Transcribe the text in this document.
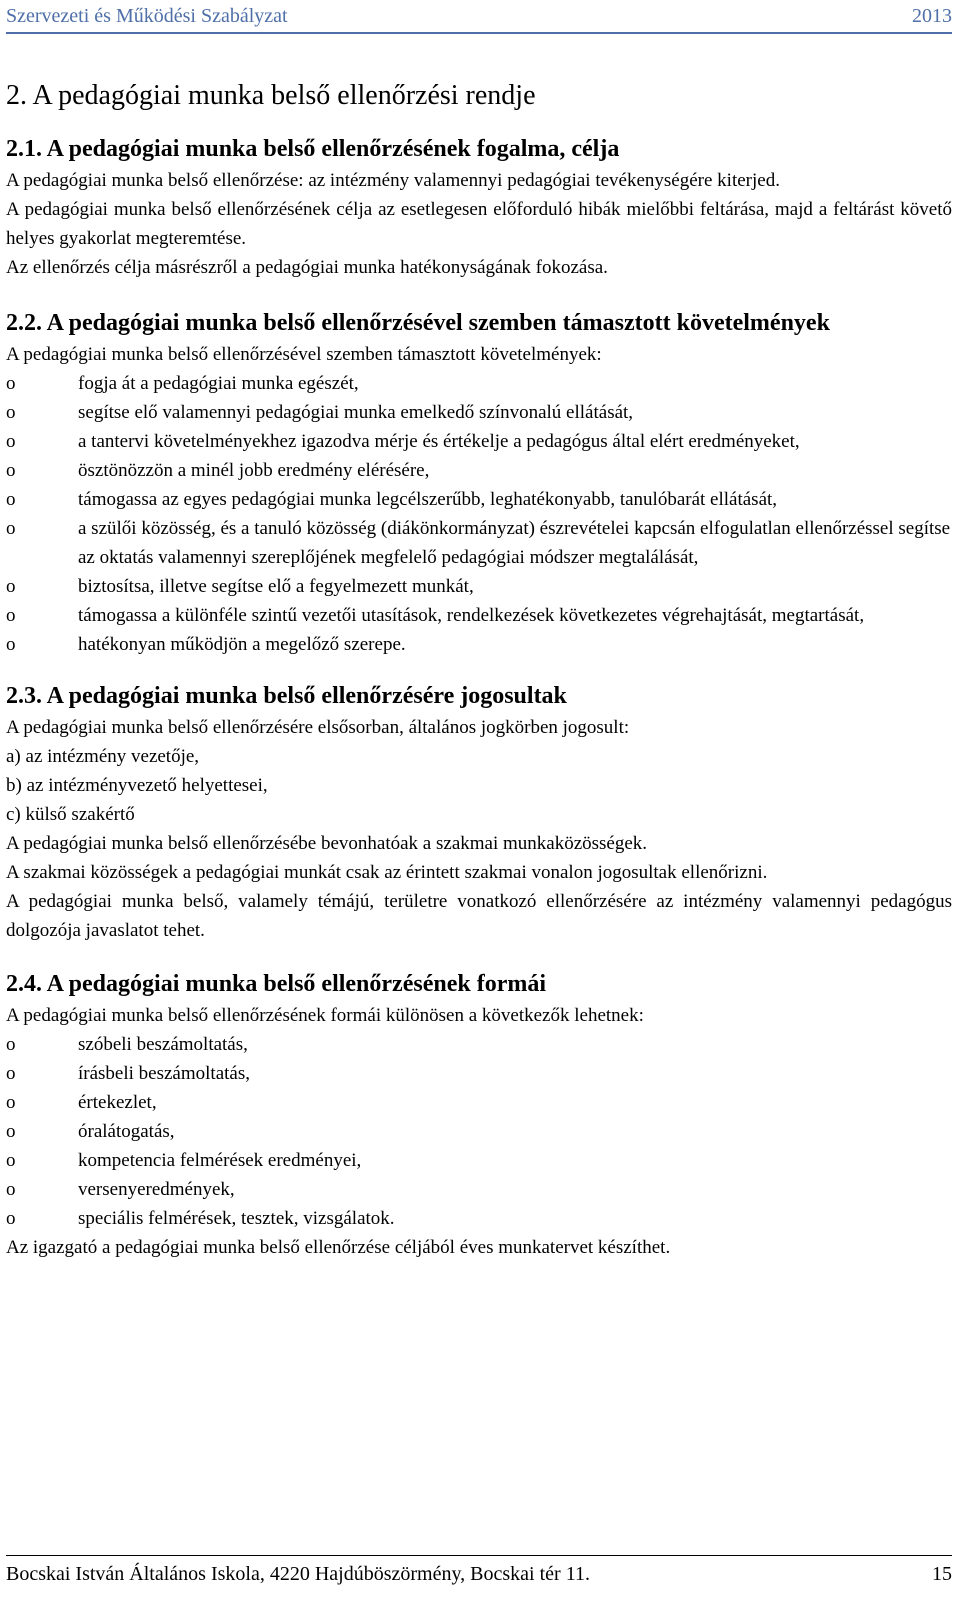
Szervezeti és Működési Szabályzat	2013
2. A pedagógiai munka belső ellenőrzési rendje
2.1. A pedagógiai munka belső ellenőrzésének fogalma, célja

A pedagógiai munka belső ellenőrzése: az intézmény valamennyi pedagógiai tevékenységére kiterjed.

A pedagógiai munka belső ellenőrzésének célja az esetlegesen előforduló hibák mielőbbi feltárása, majd a feltárást követő helyes gyakorlat megteremtése.

Az ellenőrzés célja másrészről a pedagógiai munka hatékonyságának fokozása.

2.2. A pedagógiai munka belső ellenőrzésével szemben támasztott követelmények

A pedagógiai munka belső ellenőrzésével szemben támasztott követelmények:

o	fogja át a pedagógiai munka egészét,
o	segítse elő valamennyi pedagógiai munka emelkedő színvonalú ellátását,
o	a tantervi követelményekhez igazodva mérje és értékelje a pedagógus által elért eredményeket,
o	ösztönözzön a minél jobb eredmény elérésére,
o	támogassa az egyes pedagógiai munka legcélszerűbb, leghatékonyabb, tanulóbarát ellátását,
o	a szülői közösség, és a tanuló közösség (diákönkormányzat) észrevételei kapcsán elfogulatlan ellenőrzéssel segítse az oktatás valamennyi szereplőjének megfelelő pedagógiai módszer megtalálását,
o	biztosítsa, illetve segítse elő a fegyelmezett munkát,
o	támogassa a különféle szintű vezetői utasítások, rendelkezések következetes végrehajtását, megtartását,
o	hatékonyan működjön a megelőző szerepe.
2.3. A pedagógiai munka belső ellenőrzésére jogosultak

A pedagógiai munka belső ellenőrzésére elsősorban, általános jogkörben jogosult:

a) az intézmény vezetője,

b) az intézményvezető helyettesei,

c) külső szakértő

A pedagógiai munka belső ellenőrzésébe bevonhatóak a szakmai munkaközösségek.

A szakmai közösségek a pedagógiai munkát csak az érintett szakmai vonalon jogosultak ellenőrizni.

A pedagógiai munka belső, valamely témájú, területre vonatkozó ellenőrzésére az intézmény valamennyi pedagógus dolgozója javaslatot tehet.

2.4. A pedagógiai munka belső ellenőrzésének formái

A pedagógiai munka belső ellenőrzésének formái különösen a következők lehetnek:

o	szóbeli beszámoltatás,
o	írásbeli beszámoltatás,
o	értekezlet,
o	óralátogatás,
o	kompetencia felmérések eredményei,
o	versenyeredmények,
o	speciális felmérések, tesztek, vizsgálatok.

Az igazgató a pedagógiai munka belső ellenőrzése céljából éves munkatervet készíthet.

Bocskai István Általános Iskola, 4220 Hajdúböszörmény, Bocskai tér 11.	15
